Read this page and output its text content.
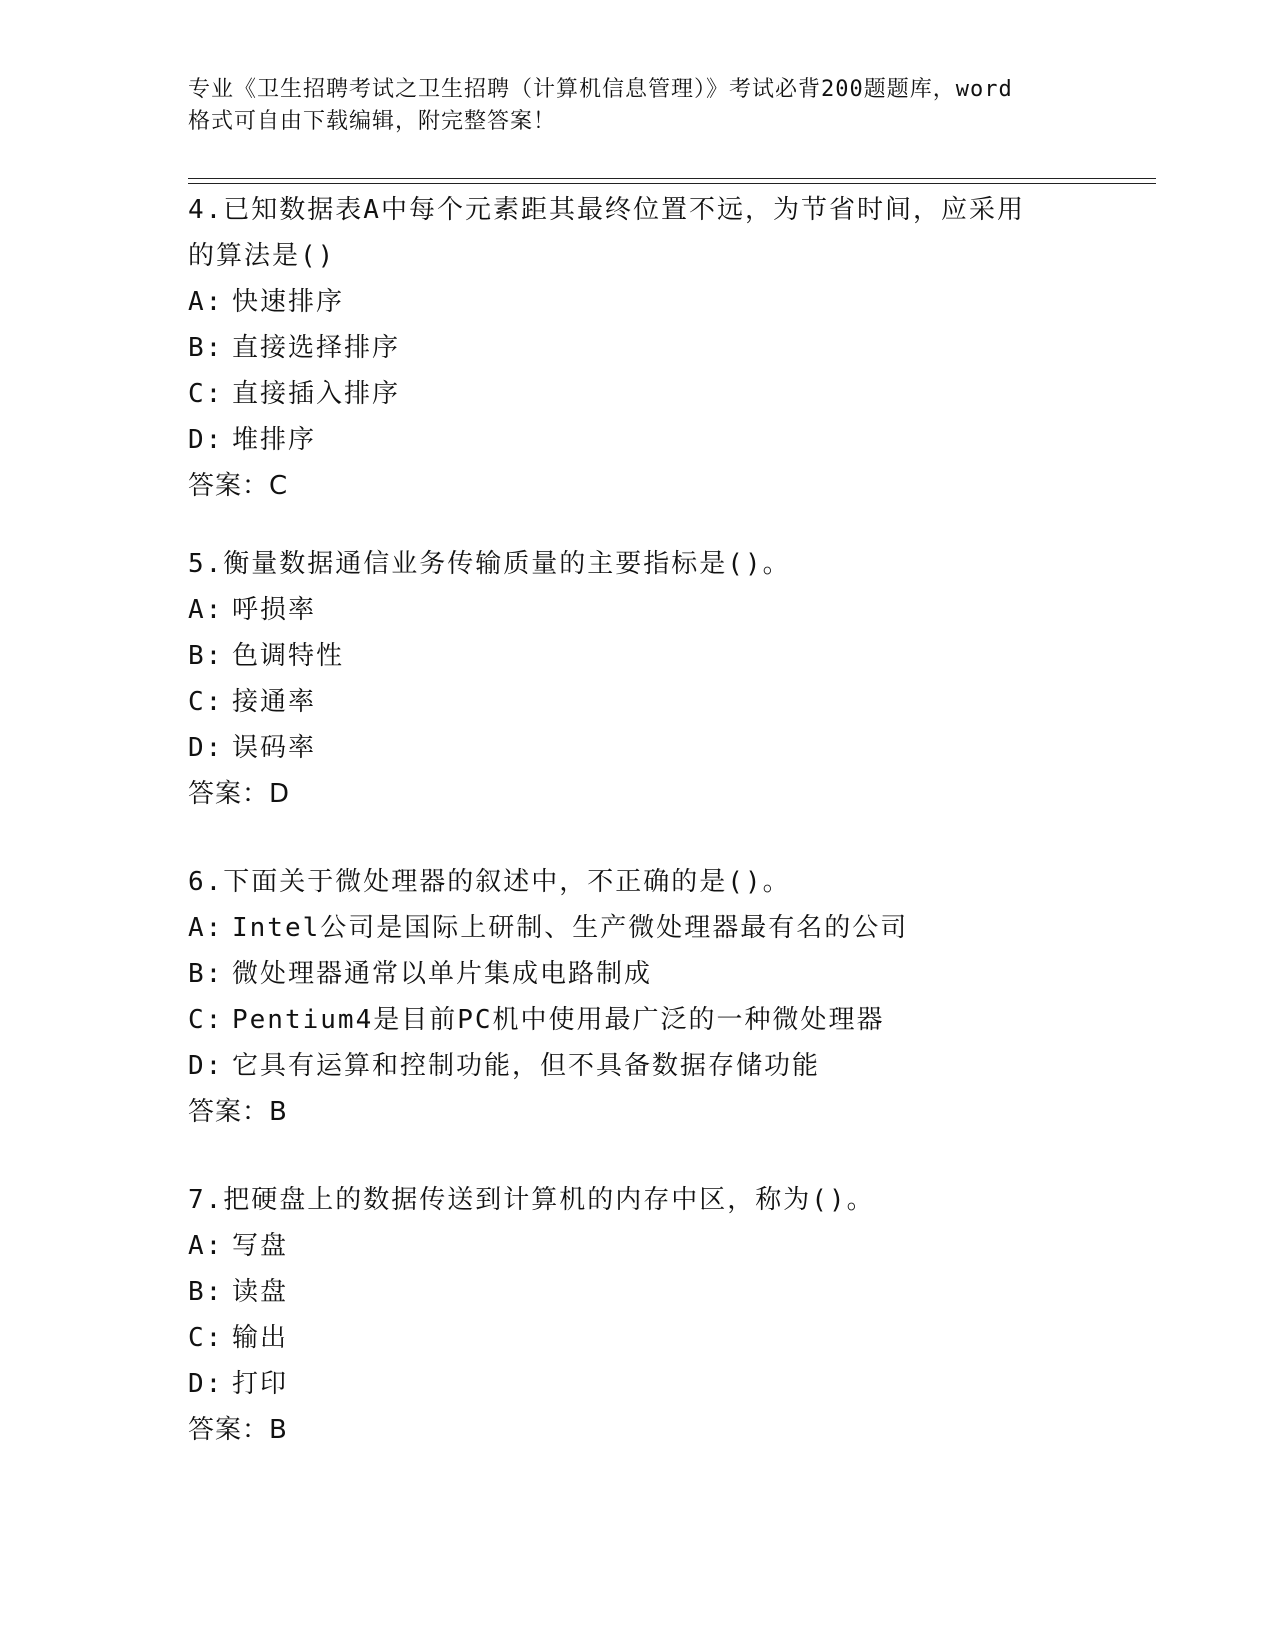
专业《卫生招聘考试之卫生招聘（计算机信息管理）》考试必背200题题库，word
格式可自由下载编辑，附完整答案！
4.已知数据表A中每个元素距其最终位置不远，为节省时间，应采用
的算法是()
A: 快速排序
B: 直接选择排序
C: 直接插入排序
D: 堆排序
答案：C
5.衡量数据通信业务传输质量的主要指标是()。
A: 呼损率
B: 色调特性
C: 接通率
D: 误码率
答案：D
6.下面关于微处理器的叙述中，不正确的是()。
A: Intel公司是国际上研制、生产微处理器最有名的公司
B: 微处理器通常以单片集成电路制成
C: Pentium4是目前PC机中使用最广泛的一种微处理器
D: 它具有运算和控制功能，但不具备数据存储功能
答案：B
7.把硬盘上的数据传送到计算机的内存中区，称为()。
A: 写盘
B: 读盘
C: 输出
D: 打印
答案：B
